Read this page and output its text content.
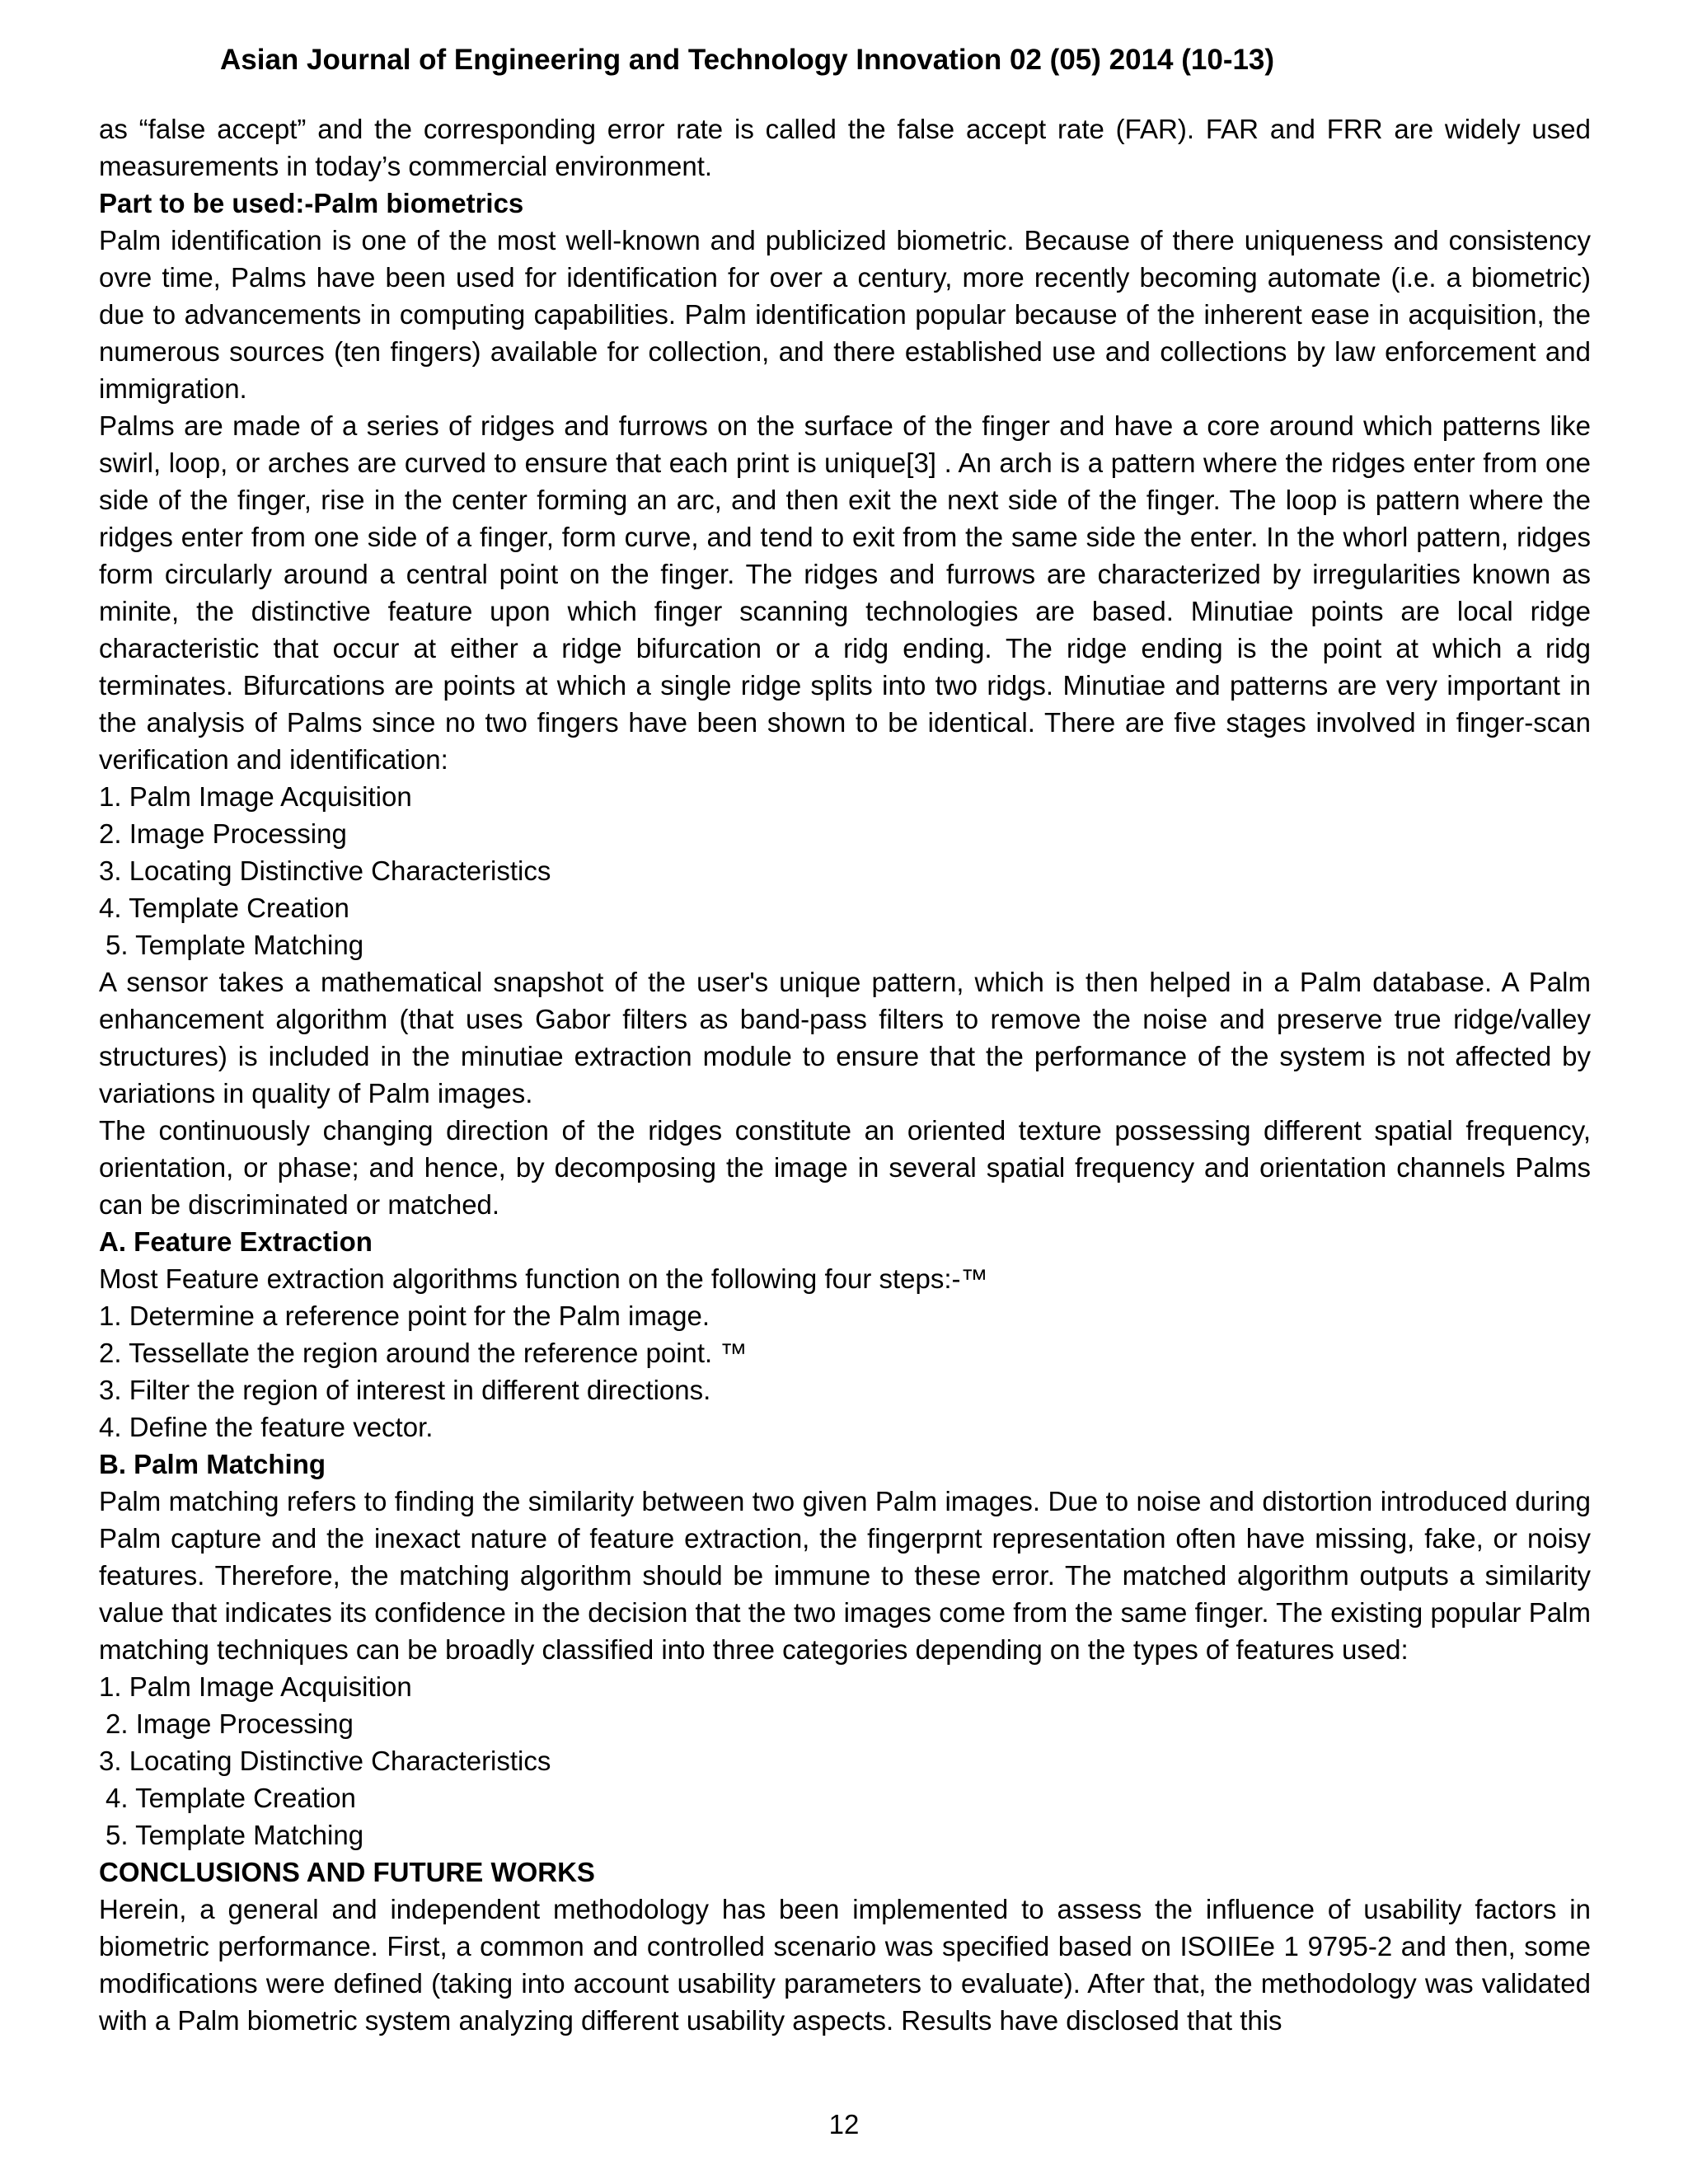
Asian Journal of Engineering and Technology Innovation 02 (05) 2014 (10-13)

as “false accept” and the corresponding error rate is called the false accept rate (FAR). FAR and FRR are widely used measurements in today’s commercial environment.

Part to be used:-Palm biometrics

Palm identification is one of the most well-known and publicized biometric. Because of there uniqueness and consistency ovre time, Palms have been used for identification for over a century, more recently becoming automate (i.e. a biometric) due to advancements in computing capabilities. Palm identification popular because of the inherent ease in acquisition, the numerous sources (ten fingers) available for collection, and there established use and collections by law enforcement and immigration.

Palms are made of a series of ridges and furrows on the surface of the finger and have a core around which patterns like swirl, loop, or arches are curved to ensure that each print is unique[3] . An arch is a pattern where the ridges enter from one side of the finger, rise in the center forming an arc, and then exit the next side of the finger. The loop is pattern where the ridges enter from one side of a finger, form curve, and tend to exit from the same side the enter. In the whorl pattern, ridges form circularly around a central point on the finger. The ridges and furrows are characterized by irregularities known as minite, the distinctive feature upon which finger scanning technologies are based. Minutiae points are local ridge characteristic that occur at either a ridge bifurcation or a ridg ending. The ridge ending is the point at which a ridg terminates. Bifurcations are points at which a single ridge splits into two ridgs. Minutiae and patterns are very important in the analysis of Palms since no two fingers have been shown to be identical. There are five stages involved in finger-scan verification and identification:

1. Palm Image Acquisition
2. Image Processing
3. Locating Distinctive Characteristics
4. Template Creation
5. Template Matching

A sensor takes a mathematical snapshot of the user's unique pattern, which is then helped in a Palm database. A Palm enhancement algorithm (that uses Gabor filters as band-pass filters to remove the noise and preserve true ridge/valley structures) is included in the minutiae extraction module to ensure that the performance of the system is not affected by variations in quality of Palm images.

The continuously changing direction of the ridges constitute an oriented texture possessing different spatial frequency, orientation, or phase; and hence, by decomposing the image in several spatial frequency and orientation channels Palms can be discriminated or matched.

A. Feature Extraction

Most Feature extraction algorithms function on the following four steps:-™

1. Determine a reference point for the Palm image.
2. Tessellate the region around the reference point. ™
3. Filter the region of interest in different directions.
4. Define the feature vector.
B. Palm Matching

Palm matching refers to finding the similarity between two given Palm images. Due to noise and distortion introduced during Palm capture and the inexact nature of feature extraction, the fingerprnt representation often have missing, fake, or noisy features. Therefore, the matching algorithm should be immune to these error. The matched algorithm outputs a similarity value that indicates its confidence in the decision that the two images come from the same finger. The existing popular Palm matching techniques can be broadly classified into three categories depending on the types of features used:

1. Palm Image Acquisition
2. Image Processing
3. Locating Distinctive Characteristics
4. Template Creation
5. Template Matching
CONCLUSIONS AND FUTURE WORKS

Herein, a general and independent methodology has been implemented to assess the influence of usability factors in biometric performance. First, a common and controlled scenario was specified based on ISOIIEe 1 9795-2 and then, some modifications were defined (taking into account usability parameters to evaluate). After that, the methodology was validated with a Palm biometric system analyzing different usability aspects. Results have disclosed that this

12
